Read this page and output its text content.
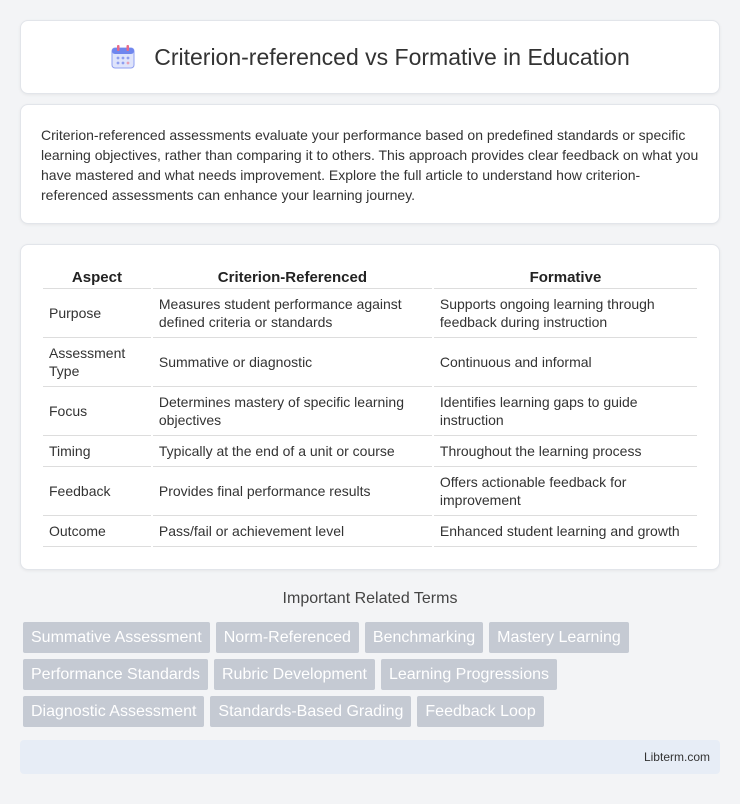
Criterion-referenced vs Formative in Education

Criterion-referenced assessments evaluate your performance based on predefined standards or specific learning objectives, rather than comparing it to others. This approach provides clear feedback on what you have mastered and what needs improvement. Explore the full article to understand how criterion-referenced assessments can enhance your learning journey.

Aspect	Criterion-Referenced	Formative
Purpose	Measures student performance against defined criteria or standards	Supports ongoing learning through feedback during instruction
Assessment Type	Summative or diagnostic	Continuous and informal
Focus	Determines mastery of specific learning objectives	Identifies learning gaps to guide instruction
Timing	Typically at the end of a unit or course	Throughout the learning process
Feedback	Provides final performance results	Offers actionable feedback for improvement
Outcome	Pass/fail or achievement level	Enhanced student learning and growth
Important Related Terms
Summative Assessment	Norm-Referenced	Benchmarking	Mastery Learning
Performance Standards	Rubric Development	Learning Progressions
Diagnostic Assessment	Standards-Based Grading	Feedback Loop
Libterm.com
